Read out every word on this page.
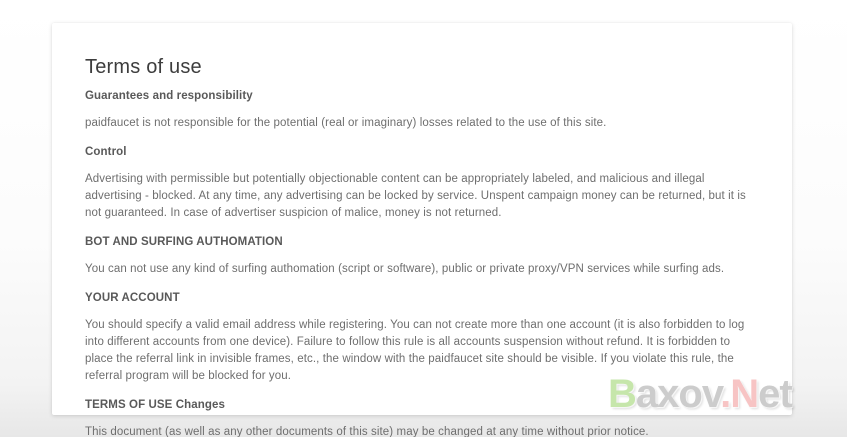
Terms of use
Guarantees and responsibility
paidfaucet is not responsible for the potential (real or imaginary) losses related to the use of this site.
Control
Advertising with permissible but potentially objectionable content can be appropriately labeled, and malicious and illegal advertising - blocked. At any time, any advertising can be locked by service. Unspent campaign money can be returned, but it is not guaranteed. In case of advertiser suspicion of malice, money is not returned.
BOT AND SURFING AUTHOMATION
You can not use any kind of surfing authomation (script or software), public or private proxy/VPN services while surfing ads.
YOUR ACCOUNT
You should specify a valid email address while registering. You can not create more than one account (it is also forbidden to log into different accounts from one device). Failure to follow this rule is all accounts suspension without refund. It is forbidden to place the referral link in invisible frames, etc., the window with the paidfaucet site should be visible. If you violate this rule, the referral program will be blocked for you.
TERMS OF USE Changes
This document (as well as any other documents of this site) may be changed at any time without prior notice.
Baxov.Net
